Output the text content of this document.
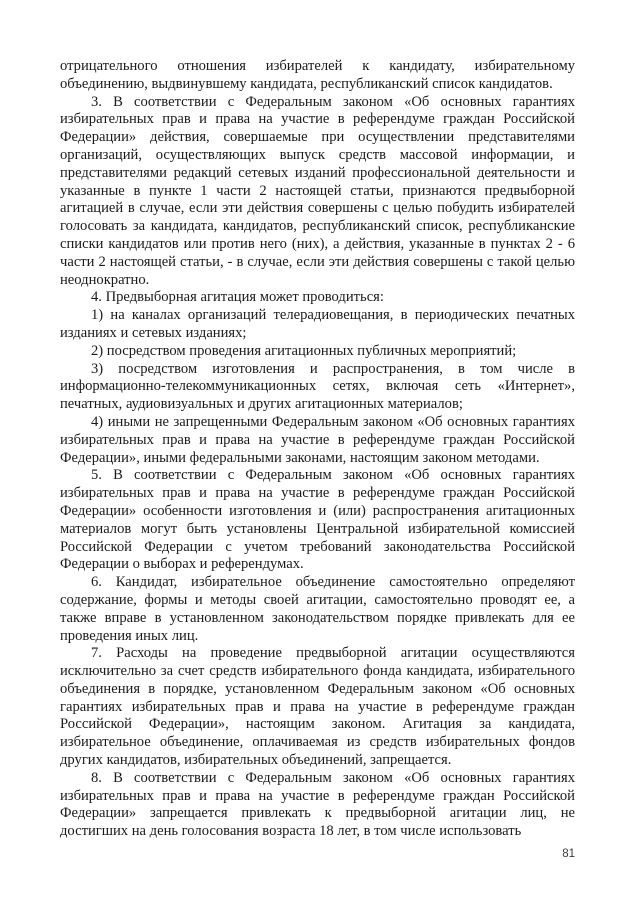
отрицательного отношения избирателей к кандидату, избирательному объединению, выдвинувшему кандидата, республиканский список кандидатов.

3. В соответствии с Федеральным законом «Об основных гарантиях избирательных прав и права на участие в референдуме граждан Российской Федерации» действия, совершаемые при осуществлении представителями организаций, осуществляющих выпуск средств массовой информации, и представителями редакций сетевых изданий профессиональной деятельности и указанные в пункте 1 части 2 настоящей статьи, признаются предвыборной агитацией в случае, если эти действия совершены с целью побудить избирателей голосовать за кандидата, кандидатов, республиканский список, республиканские списки кандидатов или против него (них), а действия, указанные в пунктах 2 - 6 части 2 настоящей статьи, - в случае, если эти действия совершены с такой целью неоднократно.

4. Предвыборная агитация может проводиться:

1) на каналах организаций телерадиовещания, в периодических печатных изданиях и сетевых изданиях;

2) посредством проведения агитационных публичных мероприятий;

3) посредством изготовления и распространения, в том числе в информационно-телекоммуникационных сетях, включая сеть «Интернет», печатных, аудиовизуальных и других агитационных материалов;

4) иными не запрещенными Федеральным законом «Об основных гарантиях избирательных прав и права на участие в референдуме граждан Российской Федерации», иными федеральными законами, настоящим законом методами.

5. В соответствии с Федеральным законом «Об основных гарантиях избирательных прав и права на участие в референдуме граждан Российской Федерации» особенности изготовления и (или) распространения агитационных материалов могут быть установлены Центральной избирательной комиссией Российской Федерации с учетом требований законодательства Российской Федерации о выборах и референдумах.

6. Кандидат, избирательное объединение самостоятельно определяют содержание, формы и методы своей агитации, самостоятельно проводят ее, а также вправе в установленном законодательством порядке привлекать для ее проведения иных лиц.

7. Расходы на проведение предвыборной агитации осуществляются исключительно за счет средств избирательного фонда кандидата, избирательного объединения в порядке, установленном Федеральным законом «Об основных гарантиях избирательных прав и права на участие в референдуме граждан Российской Федерации», настоящим законом. Агитация за кандидата, избирательное объединение, оплачиваемая из средств избирательных фондов других кандидатов, избирательных объединений, запрещается.

8. В соответствии с Федеральным законом «Об основных гарантиях избирательных прав и права на участие в референдуме граждан Российской Федерации» запрещается привлекать к предвыборной агитации лиц, не достигших на день голосования возраста 18 лет, в том числе использовать

81
